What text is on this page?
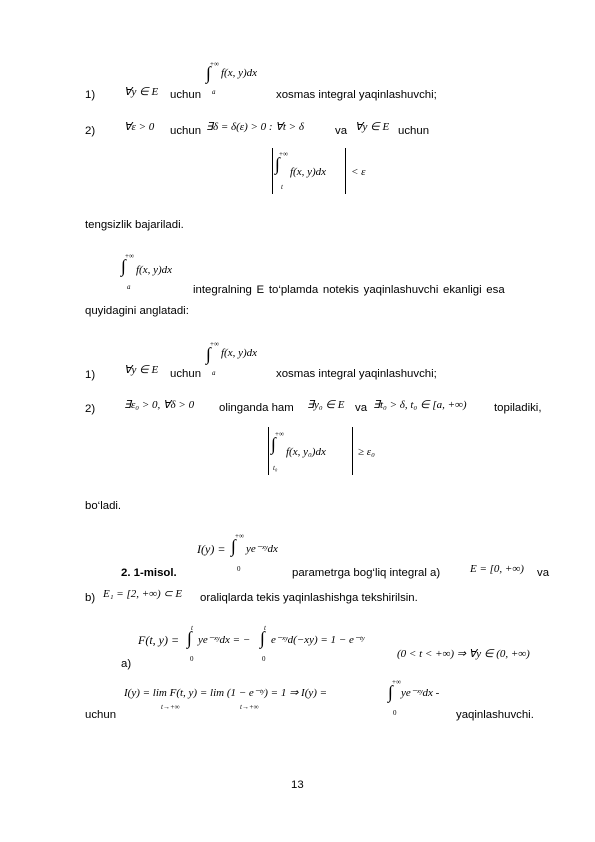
1)	∀y ∈ E uchun
+∞
∫
a
f(x, y)dx
xosmas integral yaqinlashuvchi;
2)	∀ε > 0 uchun ∃δ = δ(ε) > 0 : ∀t > δ	va ∀y ∈ E uchun
+∞
∫
t
f(x, y)dx < ε
tengsizlik bajariladi.
+∞
∫
a
f(x, y)dx
integralning E to‘plamda notekis yaqinlashuvchi ekanligi esa
quyidagini anglatadi:
1)	∀y ∈ E uchun
+∞
∫
a
f(x, y)dx
xosmas integral yaqinlashuvchi;
2)	∃ε₀ > 0, ∀δ > 0 olinganda ham ∃y₀ ∈ E va ∃t₀ > δ, t₀ ∈ [a, +∞) topiladiki,
+∞
∫
t₀
f(x, y₀)dx	≥ ε₀
bo‘ladi.
I(y) =
+∞
∫
0
ye⁻ˣʸdx
2. 1-misol.	parametrga bog‘liq integral a)	E = [0, +∞) va
b) E₁ = [2, +∞) ⊂ E oraliqlarda tekis yaqinlashishga tekshirilsin.
a)
F(t, y) =
t
∫
0
ye⁻ˣʸdx = −
t
∫
0
e⁻ˣʸd(−xy) = 1 − e⁻ᵗʸ
(0 < t < +∞) ⇒ ∀y ∈ (0, +∞)
I(y) = lim F(t, y) = lim (1 − e⁻ᵗʸ) = 1 ⇒ I(y) =
t→+∞	t→+∞
+∞
∫
0
ye⁻ˣʸdx -
uchun	yaqinlashuvchi.
13
